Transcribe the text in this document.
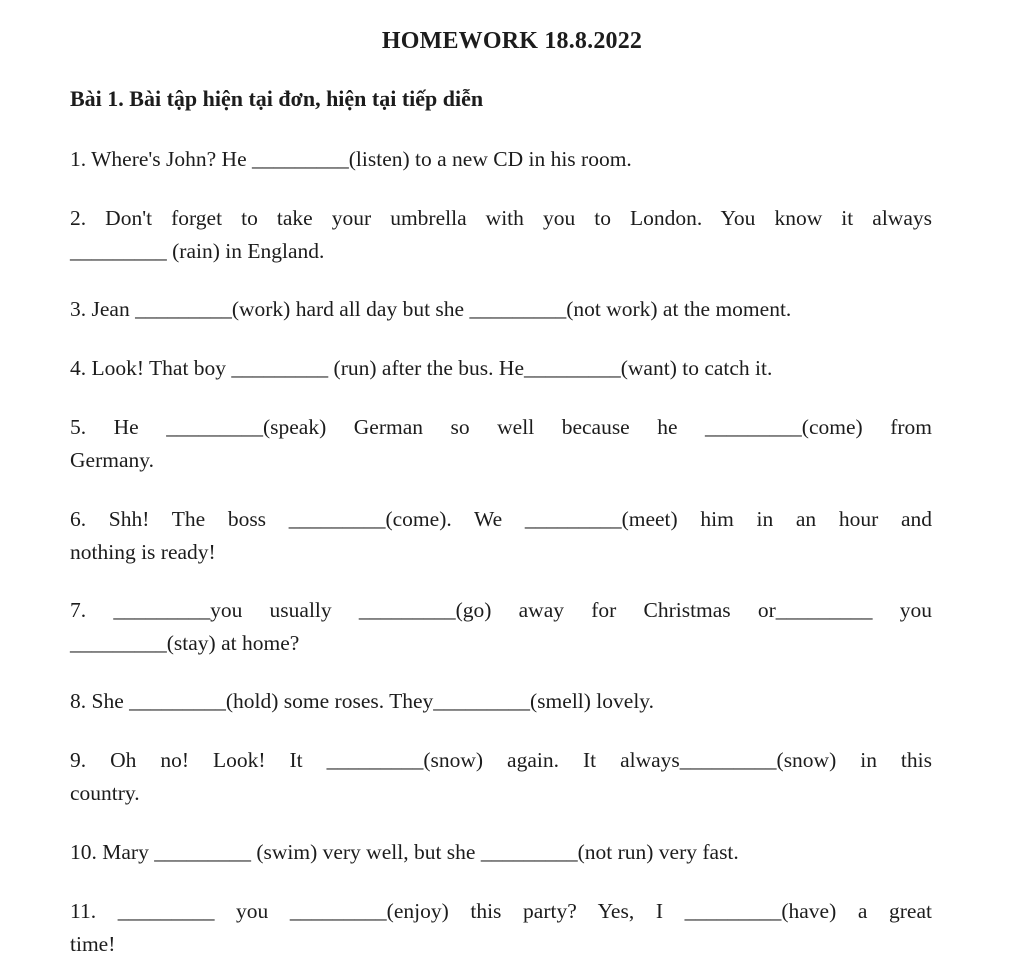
HOMEWORK 18.8.2022
Bài 1. Bài tập hiện tại đơn, hiện tại tiếp diễn

1. Where's John? He _________(listen) to a new CD in his room.

2. Don't forget to take your umbrella with you to London. You know it always

_________ (rain) in England.

3. Jean _________(work) hard all day but she _________(not work) at the moment.

4. Look! That boy _________ (run) after the bus. He_________(want) to catch it.

5. He _________(speak) German so well because he _________(come) from

Germany.

6. Shh! The boss _________(come). We _________(meet) him in an hour and

nothing is ready!

7. _________you usually _________(go) away for Christmas or_________ you

_________(stay) at home?

8. She _________(hold) some roses. They_________(smell) lovely.

9. Oh no! Look! It _________(snow) again. It always_________(snow) in this

country.

10. Mary _________ (swim) very well, but she _________(not run) very fast.

11. _________ you _________(enjoy) this party? Yes, I _________(have) a great

time!
